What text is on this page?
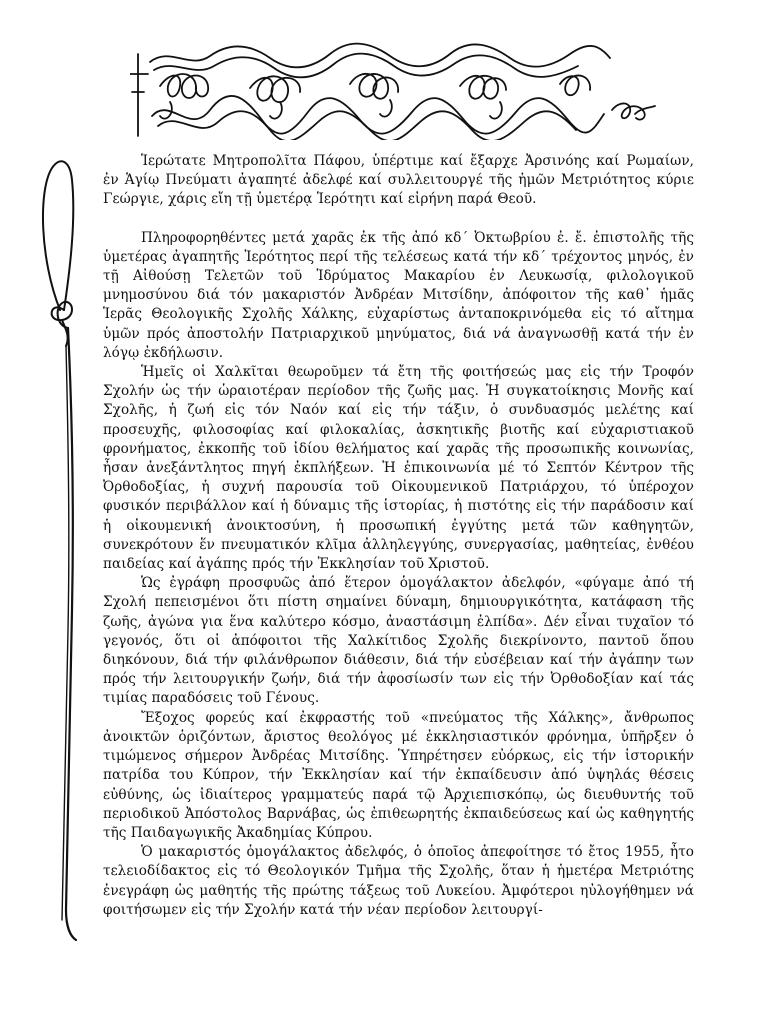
Ἱερώτατε Μητροπολῖτα Πάφου, ὑπέρτιμε καί ἔξαρχε Ἀρσινόης καί Ρωμαίων, ἐν Ἁγίῳ Πνεύματι ἀγαπητέ ἀδελφέ καί συλλειτουργέ τῆς ἡμῶν Μετριότητος κύριε Γεώργιε, χάρις εἴη τῇ ὑμετέρᾳ Ἱερότητι καί εἰρήνη παρά Θεοῦ.

Πληροφορηθέντες μετά χαρᾶς ἐκ τῆς ἀπό κδ΄ Ὀκτωβρίου ἐ. ἔ. ἐπιστολῆς τῆς ὑμετέρας ἀγαπητῆς Ἱερότητος περί τῆς τελέσεως κατά τήν κδ΄ τρέχοντος μηνός, ἐν τῇ Αἰθούσῃ Τελετῶν τοῦ Ἱδρύματος Μακαρίου ἐν Λευκωσίᾳ, φιλολογικοῦ μνημοσύνου διά τόν μακαριστόν Ἀνδρέαν Μιτσίδην, ἀπόφοιτον τῆς καθ᾽ ἡμᾶς Ἱερᾶς Θεολογικῆς Σχολῆς Χάλκης, εὐχαρίστως ἀνταποκρινόμεθα εἰς τό αἴτημα ὑμῶν πρός ἀποστολήν Πατριαρχικοῦ μηνύματος, διά νά ἀναγνωσθῇ κατά τήν ἐν λόγῳ ἐκδήλωσιν.

Ἡμεῖς οἱ Χαλκῖται θεωροῦμεν τά ἔτη τῆς φοιτήσεώς μας εἰς τήν Τροφόν Σχολήν ὡς τήν ὡραιοτέραν περίοδον τῆς ζωῆς μας. Ἡ συγκατοίκησις Μονῆς καί Σχολῆς, ἡ ζωή εἰς τόν Ναόν καί εἰς τήν τάξιν, ὁ συνδυασμός μελέτης καί προσευχῆς, φιλοσοφίας καί φιλοκαλίας, ἀσκητικῆς βιοτῆς καί εὐχαριστιακοῦ φρονήματος, ἐκκοπῆς τοῦ ἰδίου θελήματος καί χαρᾶς τῆς προσωπικῆς κοινωνίας, ἦσαν ἀνεξάντλητος πηγή ἐκπλήξεων. Ἡ ἐπικοινωνία μέ τό Σεπτόν Κέντρον τῆς Ὀρθοδοξίας, ἡ συχνή παρουσία τοῦ Οἰκουμενικοῦ Πατριάρχου, τό ὑπέροχον φυσικόν περιβάλλον καί ἡ δύναμις τῆς ἱστορίας, ἡ πιστότης εἰς τήν παράδοσιν καί ἡ οἰκουμενική ἀνοικτοσύνη, ἡ προσωπική ἐγγύτης μετά τῶν καθηγητῶν, συνεκρότουν ἕν πνευματικόν κλῖμα ἀλληλεγγύης, συνεργασίας, μαθητείας, ἐνθέου παιδείας καί ἀγάπης πρός τήν Ἐκκλησίαν τοῦ Χριστοῦ.

Ὡς ἐγράφη προσφυῶς ἀπό ἕτερον ὁμογάλακτον ἀδελφόν, «φύγαμε ἀπό τή Σχολή πεπεισμένοι ὅτι πίστη σημαίνει δύναμη, δημιουργικότητα, κατάφαση τῆς ζωῆς, ἀγώνα για ἕνα καλύτερο κόσμο, ἀναστάσιμη ἐλπίδα». Δέν εἶναι τυχαῖον τό γεγονός, ὅτι οἱ ἀπόφοιτοι τῆς Χαλκίτιδος Σχολῆς διεκρίνοντο, παντοῦ ὅπου διηκόνουν, διά τήν φιλάνθρωπον διάθεσιν, διά τήν εὐσέβειαν καί τήν ἀγάπην των πρός τήν λειτουργικήν ζωήν, διά τήν ἀφοσίωσίν των εἰς τήν Ὀρθοδοξίαν καί τάς τιμίας παραδόσεις τοῦ Γένους.

Ἔξοχος φορεύς καί ἐκφραστής τοῦ «πνεύματος τῆς Χάλκης», ἄνθρωπος ἀνοικτῶν ὁριζόντων, ἄριστος θεολόγος μέ ἐκκλησιαστικόν φρόνημα, ὑπῆρξεν ὁ τιμώμενος σήμερον Ἀνδρέας Μιτσίδης. Ὑπηρέτησεν εὐόρκως, εἰς τήν ἱστορικήν πατρίδα του Κύπρον, τήν Ἐκκλησίαν καί τήν ἐκπαίδευσιν ἀπό ὑψηλάς θέσεις εὐθύνης, ὡς ἰδιαίτερος γραμματεύς παρά τῷ Ἀρχιεπισκόπῳ, ὡς διευθυντής τοῦ περιοδικοῦ Ἀπόστολος Βαρνάβας, ὡς ἐπιθεωρητής ἐκπαιδεύσεως καί ὡς καθηγητής τῆς Παιδαγωγικῆς Ἀκαδημίας Κύπρου.

Ὁ μακαριστός ὁμογάλακτος ἀδελφός, ὁ ὁποῖος ἀπεφοίτησε τό ἔτος 1955, ἦτο τελειοδίδακτος εἰς τό Θεολογικόν Τμῆμα τῆς Σχολῆς, ὅταν ἡ ἡμετέρα Μετριότης ἐνεγράφη ὡς μαθητής τῆς πρώτης τάξεως τοῦ Λυκείου. Ἀμφότεροι ηὐλογήθημεν νά φοιτήσωμεν εἰς τήν Σχολήν κατά τήν νέαν περίοδον λειτουργί-
